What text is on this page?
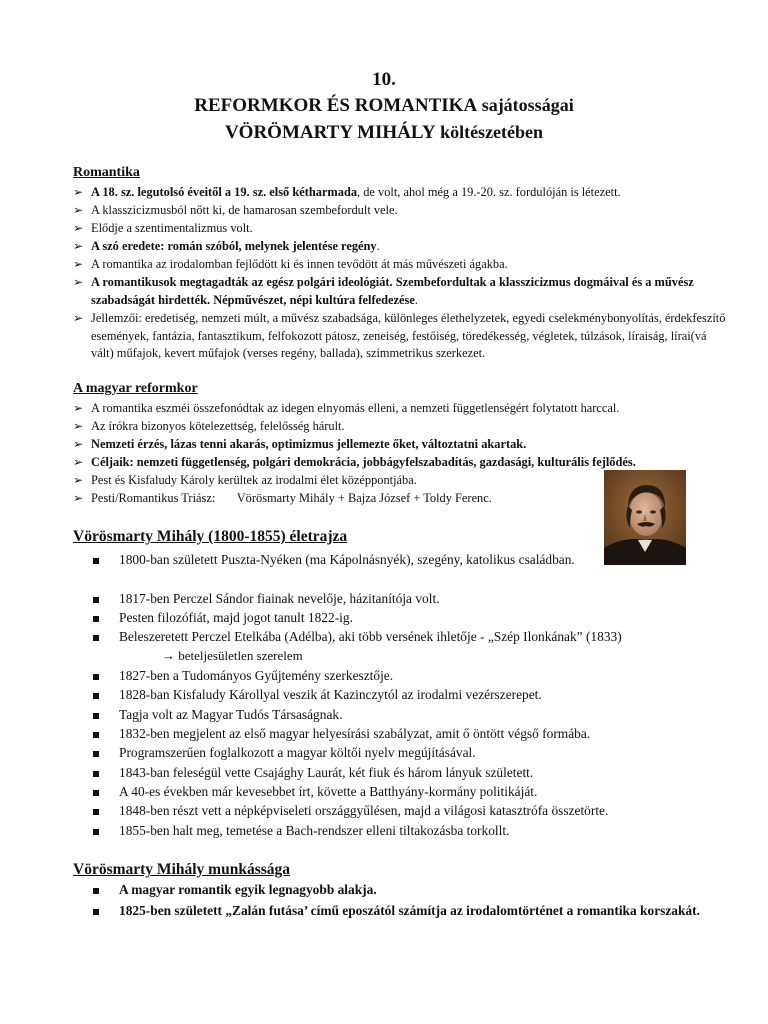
10.
REFORMKOR ÉS ROMANTIKA sajátosságai
VÖRÖMARTY MIHÁLY költészetében
Romantika
➢ A 18. sz. legutolsó éveitől a 19. sz. első kétharmada, de volt, ahol még a 19.-20. sz. fordulóján is létezett.
➢ A klasszicizmusból nőtt ki, de hamarosan szembefordult vele.
➢ Elődje a szentimentalizmus volt.
➢ A szó eredete: román szóból, melynek jelentése regény.
➢ A romantika az irodalomban fejlődött ki és innen tevődött át más művészeti ágakba.
➢ A romantikusok megtagadták az egész polgári ideológiát. Szembefordultak a klasszicizmus dogmáival és a művész szabadságát hirdették. Népművészet, népi kultúra felfedezése.
➢ Jellemzői: eredetiség, nemzeti múlt, a művész szabadsága, különleges élethelyzetek, egyedi cselekménybonyolítás, érdekfeszítő események, fantázia, fantasztikum, felfokozott pátosz, zeneiség, festőiség, töredékesség, végletek, túlzások, líraiság, lírai(vá vált) műfajok, kevert műfajok (verses regény, ballada), szimmetrikus szerkezet.
A magyar reformkor
➢ A romantika eszméi összefonódtak az idegen elnyomás elleni, a nemzeti függetlenségért folytatott harccal.
➢ Az írókra bizonyos kötelezettség, felelősség hárult.
➢ Nemzeti érzés, lázas tenni akarás, optimizmus jellemezte őket, változtatni akartak.
➢ Céljaik: nemzeti függetlenség, polgári demokrácia, jobbágyfelszabadítás, gazdasági, kulturális fejlődés.
➢ Pest és Kisfaludy Károly kerültek az irodalmi élet középpontjába.
➢ Pesti/Romantikus Triász:       Vörösmarty Mihály + Bajza József + Toldy Ferenc.
Vörösmarty Mihály (1800-1855) életrajza
1800-ban született Puszta-Nyéken (ma Kápolnásnyék), szegény, katolikus családban.
1817-ben Perczel Sándor fiainak nevelője, házitanítója volt.
Pesten filozófiát, majd jogot tanult 1822-ig.
Beleszeretett Perczel Etelkába (Adélba), aki több versének ihletője - „Szép Ilonkának” (1833)
→ beteljesületlen szerelem
1827-ben a Tudományos Gyűjtemény szerkesztője.
1828-ban Kisfaludy Károllyal veszik át Kazinczytól az irodalmi vezérszerepet.
Tagja volt az Magyar Tudós Társaságnak.
1832-ben megjelent az első magyar helyesírási szabályzat, amit ő öntött végső formába.
Programszerűen foglalkozott a magyar költői nyelv megújításával.
1843-ban feleségül vette Csajághy Laurát, két fiuk és három lányuk született.
A 40-es években már kevesebbet írt, követte a Batthyány-kormány politikáját.
1848-ben részt vett a népképviseleti országgyűlésen, majd a világosi katasztrófa összetörte.
1855-ben halt meg, temetése a Bach-rendszer elleni tiltakozásba torkollt.
Vörösmarty Mihály munkássága
A magyar romantik egyik legnagyobb alakja.
1825-ben született „Zalán futása’ című eposzától számítja az irodalomtörténet a romantika korszakát.
